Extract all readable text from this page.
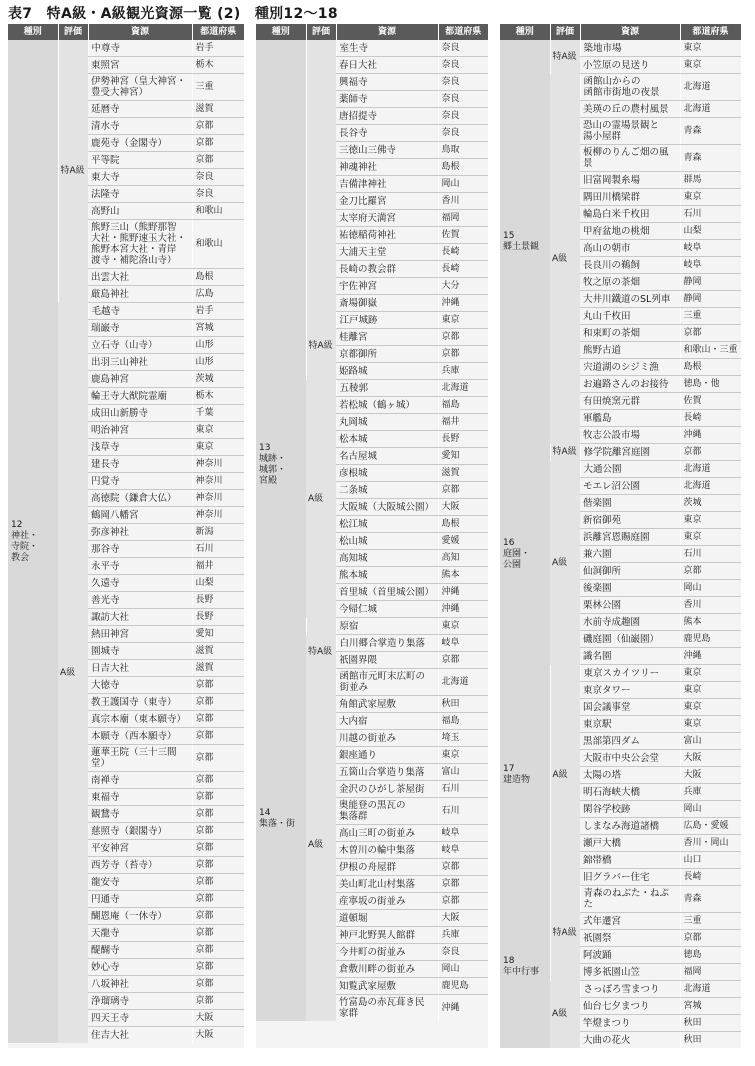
表7　特A級・A級観光資源一覧 (2)　種別12〜18
種別	評価	資源	都道府県
12
神社・
寺院・
教会	特A級	中尊寺	岩手
		東照宮	栃木
		伊勢神宮（皇大神宮・
豊受大神宮）	三重
		延暦寺	滋賀
		清水寺	京都
		鹿苑寺（金閣寺）	京都
		平等院	京都
		東大寺	奈良
		法隆寺	奈良
		高野山	和歌山
		熊野三山（熊野那智
大社・熊野速玉大社・
熊野本宮大社・青岸
渡寺・補陀洛山寺）	和歌山
		出雲大社	島根
		厳島神社	広島
	A級	毛越寺	岩手
		瑞巌寺	宮城
		立石寺（山寺）	山形
		出羽三山神社	山形
		鹿島神宮	茨城
		輪王寺大猷院霊廟	栃木
		成田山新勝寺	千葉
		明治神宮	東京
		浅草寺	東京
		建長寺	神奈川
		円覚寺	神奈川
		高徳院（鎌倉大仏）	神奈川
		鶴岡八幡宮	神奈川
		弥彦神社	新潟
		那谷寺	石川
		永平寺	福井
		久遠寺	山梨
		善光寺	長野
		諏訪大社	長野
		熱田神宮	愛知
		園城寺	滋賀
		日吉大社	滋賀
		大徳寺	京都
		教王護国寺（東寺）	京都
		真宗本廟（東本願寺）	京都
		本願寺（西本願寺）	京都
		蓮華王院（三十三間堂）	京都
		南禅寺	京都
		東福寺	京都
		観鵞寺	京都
		慈照寺（銀閣寺）	京都
		平安神宮	京都
		西芳寺（苔寺）	京都
		龍安寺	京都
		円通寺	京都
		醐恩庵（一休寺）	京都
		天龍寺	京都
		醍醐寺	京都
		妙心寺	京都
		八坂神社	京都
		浄瑠璃寺	京都
		四天王寺	大阪
		住吉大社	大阪
種別	評価	資源	都道府県
		室生寺	奈良
		春日大社	奈良
		興福寺	奈良
		薬師寺	奈良
		唐招提寺	奈良
		長谷寺	奈良
		三徳山三佛寺	鳥取
		神魂神社	島根
		吉備津神社	岡山
		金刀比羅宮	香川
		太宰府天満宮	福岡
		祐徳稲荷神社	佐賀
		大浦天主堂	長崎
		長崎の教会群	長崎
		宇佐神宮	大分
		斎場御嶽	沖縄
13
城跡・
城郭・
宮殿	特A級	江戸城跡	東京
		桂離宮	京都
		京都御所	京都
		姫路城	兵庫
	A級	五稜郭	北海道
		若松城（鶴ヶ城）	福島
		丸岡城	福井
		松本城	長野
		名古屋城	愛知
		彦根城	滋賀
		二条城	京都
		大阪城（大阪城公園）	大阪
		松江城	島根
		松山城	愛媛
		高知城	高知
		熊本城	熊本
		首里城（首里城公園）	沖縄
		今帰仁城	沖縄
14
集落・街		原宿	東京
	特A級	白川郷合掌造り集落	岐阜
		祇園界隈	京都
	A級	函館市元町末広町の
街並み	北海道
		角館武家屋敷	秋田
		大内宿	福島
		川越の街並み	埼玉
		銀座通り	東京
		五箇山合掌造り集落	富山
		金沢のひがし茶屋街	石川
		奥能登の黒瓦の
集落群	石川
		高山三町の街並み	岐阜
		木曽川の輪中集落	岐阜
		伊根の舟屋群	京都
		美山町北山村集落	京都
		産寧坂の街並み	京都
		道頓堀	大阪
		神戸北野異人館群	兵庫
		今井町の街並み	奈良
		倉敷川畔の街並み	岡山
		知覧武家屋敷	鹿児島
		竹富島の赤瓦葺き民
家群	沖縄
種別	評価	資源	都道府県
15
郷土景観	特A級	築地市場	東京
		小笠原の見送り	東京
	A級	函館山からの
函館市街地の夜景	北海道
		美瑛の丘の農村風景	北海道
		恐山の霊場景観と
湯小屋群	青森
		板柳のりんご畑の風景	青森
		旧富岡製糸場	群馬
		隅田川橋梁群	東京
		輪島白米千枚田	石川
		甲府盆地の桃畑	山梨
		高山の朝市	岐阜
		長良川の鵜飼	岐阜
		牧之原の茶畑	静岡
		大井川鐵道のSL列車	静岡
		丸山千枚田	三重
		和束町の茶畑	京都
		熊野古道	和歌山・三重
		宍道湖のシジミ漁	島根
		お遍路さんのお接待	徳島・他
		有田焼窯元群	佐賀
		軍艦島	長崎
		牧志公設市場	沖縄
16
庭園・
公園	特A級	修学院離宮庭園	京都
	A級	大通公園	北海道
		モエレ沼公園	北海道
		偕楽園	茨城
		新宿御苑	東京
		浜離宮恩賜庭園	東京
		兼六園	石川
		仙洞御所	京都
		後楽園	岡山
		栗林公園	香川
		水前寺成趣園	熊本
		磯庭園（仙巌園）	鹿児島
		識名園	沖縄
17
建造物	A級	東京スカイツリー	東京
		東京タワー	東京
		国会議事堂	東京
		東京駅	東京
		黒部第四ダム	富山
		大阪市中央公会堂	大阪
		太陽の塔	大阪
		明石海峡大橋	兵庫
		閑谷学校跡	岡山
		しまなみ海道諸橋	広島・愛媛
		瀬戸大橋	香川・岡山
		錦帯橋	山口
		旧グラバー住宅	長崎
18
年中行事	特A級	青森のねぶた・ねぷた	青森
		式年遷宮	三重
		祇園祭	京都
		阿波踊	徳島
		博多祇園山笠	福岡
	A級	さっぽろ雪まつり	北海道
		仙台七夕まつり	宮城
		竿燈まつり	秋田
		大曲の花火	秋田
